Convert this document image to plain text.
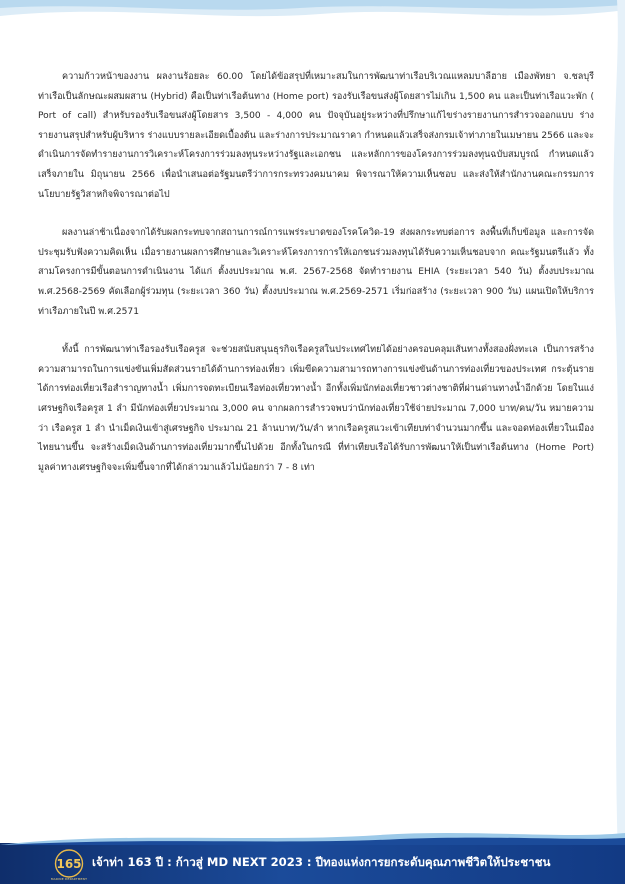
ความก้าวหน้าของงาน ผลงานร้อยละ 60.00 โดยได้ข้อสรุปที่เหมาะสมในการพัฒนาท่าเรือบริเวณแหลมบาลีฮาย เมืองพัทยา จ.ชลบุรี ท่าเรือเป็นลักษณะผสมผสาน (Hybrid) คือเป็นท่าเรือต้นทาง (Home port) รองรับเรือขนส่งผู้โดยสารไม่เกิน 1,500 คน และเป็นท่าเรือแวะพัก ( Port of call) สำหรับรองรับเรือขนส่งผู้โดยสาร 3,500 - 4,000 คน ปัจจุบันอยู่ระหว่างที่ปรึกษาแก้ไขร่างรายงานการสำรวจออกแบบ ร่างรายงานสรุปสำหรับผู้บริหาร ร่างแบบรายละเอียดเบื้องต้น และร่างการประมาณราคา กำหนดแล้วเสร็จส่งกรมเจ้าท่าภายในเมษายน 2566 และจะดำเนินการจัดทำรายงานการวิเคราะห์โครงการร่วมลงทุนระหว่างรัฐและเอกชน และหลักการของโครงการร่วมลงทุนฉบับสมบูรณ์ กำหนดแล้วเสร็จภายใน มิถุนายน 2566 เพื่อนำเสนอต่อรัฐมนตรีว่าการกระทรวงคมนาคม พิจารณาให้ความเห็นชอบ และส่งให้สำนักงานคณะกรรมการนโยบายรัฐวิสาหกิจพิจารณาต่อไป

ผลงานล่าช้าเนื่องจากได้รับผลกระทบจากสถานการณ์การแพร่ระบาดของโรคโควิด-19 ส่งผลกระทบต่อการ ลงพื้นที่เก็บข้อมูล และการจัดประชุมรับฟังความคิดเห็น เมื่อรายงานผลการศึกษาและวิเคราะห์โครงการการให้เอกชนร่วมลงทุนได้รับความเห็นชอบจาก คณะรัฐมนตรีแล้ว ทั้งสามโครงการมีขั้นตอนการดำเนินงาน ได้แก่ ตั้งงบประมาณ พ.ศ. 2567-2568 จัดทำรายงาน EHIA (ระยะเวลา 540 วัน) ตั้งงบประมาณ พ.ศ.2568-2569 คัดเลือกผู้ร่วมทุน (ระยะเวลา 360 วัน) ตั้งงบประมาณ พ.ศ.2569-2571 เริ่มก่อสร้าง (ระยะเวลา 900 วัน) แผนเปิดให้บริการท่าเรือภายในปี พ.ศ.2571

ทั้งนี้ การพัฒนาท่าเรือรองรับเรือครูส จะช่วยสนับสนุนธุรกิจเรือครูสในประเทศไทยได้อย่างครอบคลุมเส้นทางทั้งสองฝั่งทะเล เป็นการสร้างความสามารถในการแข่งขันเพิ่มสัดส่วนรายได้ด้านการท่องเที่ยว เพิ่มขีดความสามารถทางการแข่งขันด้านการท่องเที่ยวของประเทศ กระตุ้นรายได้การท่องเที่ยวเรือสำราญทางน้ำ เพิ่มการจดทะเบียนเรือท่องเที่ยวทางน้ำ อีกทั้งเพิ่มนักท่องเที่ยวชาวต่างชาติที่ผ่านด่านทางน้ำอีกด้วย โดยในแง่เศรษฐกิจเรือครูส 1 ลำ มีนักท่องเที่ยวประมาณ 3,000 คน จากผลการสำรวจพบว่านักท่องเที่ยวใช้จ่ายประมาณ 7,000 บาท/คน/วัน หมายความว่า เรือครูส 1 ลำ นำเม็ดเงินเข้าสู่เศรษฐกิจ ประมาณ 21 ล้านบาท/วัน/ลำ หากเรือครูสแวะเข้าเทียบท่าจำนวนมากขึ้น และจอดท่องเที่ยวในเมืองไทยนานขึ้น จะสร้างเม็ดเงินด้านการท่องเที่ยวมากขึ้นไปด้วย อีกทั้งในกรณี ที่ท่าเทียบเรือได้รับการพัฒนาให้เป็นท่าเรือต้นทาง (Home Port) มูลค่าทางเศรษฐกิจจะเพิ่มขึ้นจากที่ได้กล่าวมาแล้วไม่น้อยกว่า 7 - 8 เท่า

165
MARINE DEPARTMENT
เจ้าท่า 163 ปี : ก้าวสู่ MD NEXT 2023 : ปีทองแห่งการยกระดับคุณภาพชีวิตให้ประชาชน
